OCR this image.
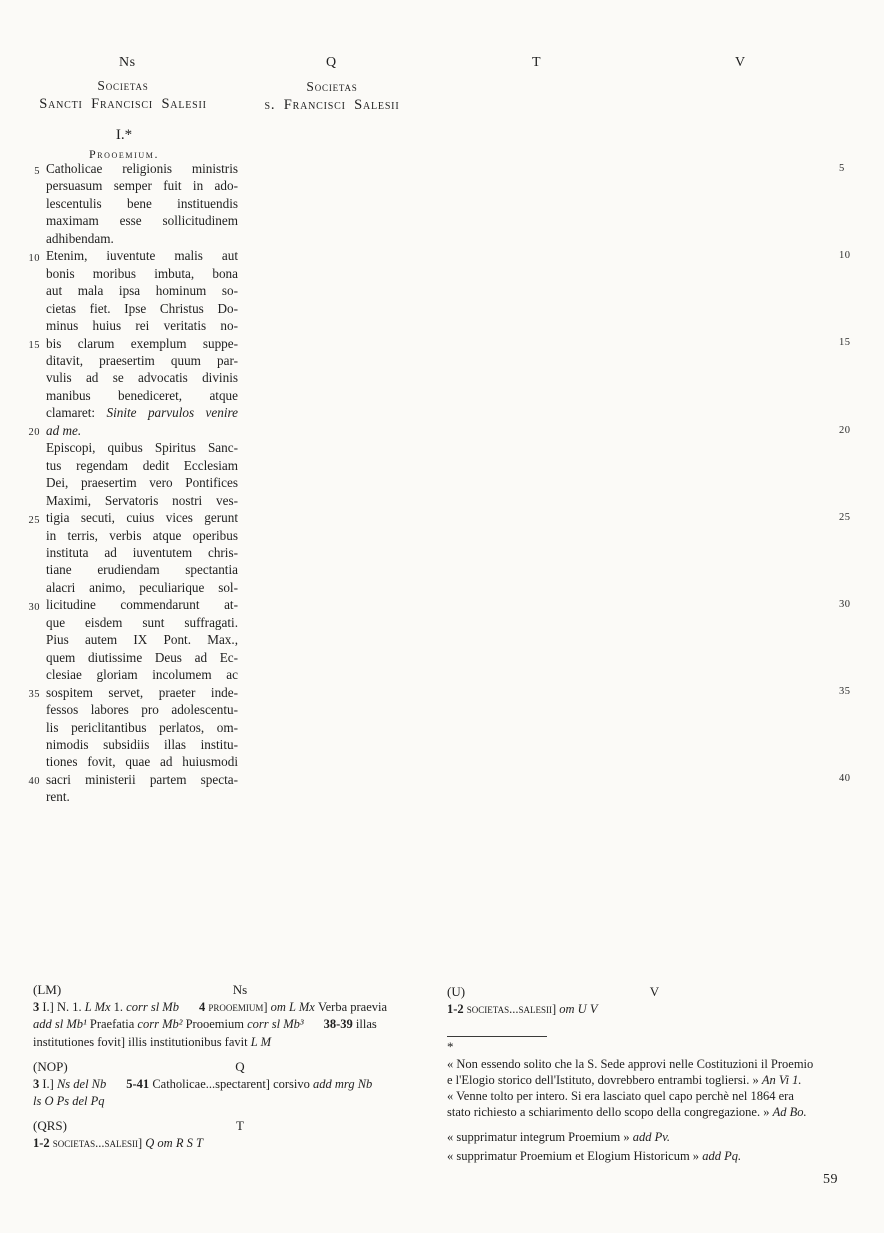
Ns	Q	T	V
Societas
Sancti Francisci Salesii
Societas
s. Francisci Salesii
I.*
Prooemium.
5 Catholicae religionis ministris
persuasum semper fuit in ado-
lescentulis bene instituendis
maximam esse sollicitudinem
adhibendam.
10 Etenim, iuventute malis aut
bonis moribus imbuta, bona
aut mala ipsa hominum so-
cietas fiet. Ipse Christus Do-
minus huius rei veritatis no-
15 bis clarum exemplum suppe-
ditavit, praesertim quum par-
vulis ad se advocatis divinis
manibus benediceret, atque
clamaret: Sinite parvulos venire
20 ad me.
Episcopi, quibus Spiritus Sanc-
tus regendam dedit Ecclesiam
Dei, praesertim vero Pontifices
Maximi, Servatoris nostri ves-
25 tigia secuti, cuius vices gerunt
in terris, verbis atque operibus
instituta ad iuventutem chris-
tiane erudiendam spectantia
alacri animo, peculiarique sol-
30 licitudine commendarunt at-
que eisdem sunt suffragati.
Pius autem IX Pont. Max.,
quem diutissime Deus ad Ec-
clesiae gloriam incolumem ac
35 sospitem servet, praeter inde-
fessos labores pro adolescentu-
lis periclitantibus perlatos, om-
nimodis subsidiis illas institu-
tiones fovit, quae ad huiusmodi
40 sacri ministerii partem specta-
rent.
5
10
15
20
25
30
35
40
(LM)	Ns
3 I.] N. 1. L Mx 1. corr sl Mb 4 prooemium] om L Mx Verba praevia
add sl Mb¹ Praefatia corr Mb² Prooemium corr sl Mb³ 38-39 illas
institutiones fovit] illis institutionibus favit L M
(NOP)	Q
3 I.] Ns del Nb 5-41 Catholicae...spectarent] corsivo add mrg Nb
ls O Ps del Pq
(QRS)	T
1-2 societas...salesii] Q om R S T
(U)	V
1-2 societas...salesii] om U V
*
« Non essendo solito che la S. Sede approvi nelle Costituzioni il Proemio
e l'Elogio storico dell'Istituto, dovrebbero entrambi togliersi. » An Vi 1.
« Venne tolto per intero. Si era lasciato quel capo perchè nel 1864 era
stato richiesto a schiarimento dello scopo della congregazione. » Ad Bo.
« supprimatur integrum Proemium » add Pv.
« supprimatur Proemium et Elogium Historicum » add Pq.
59
